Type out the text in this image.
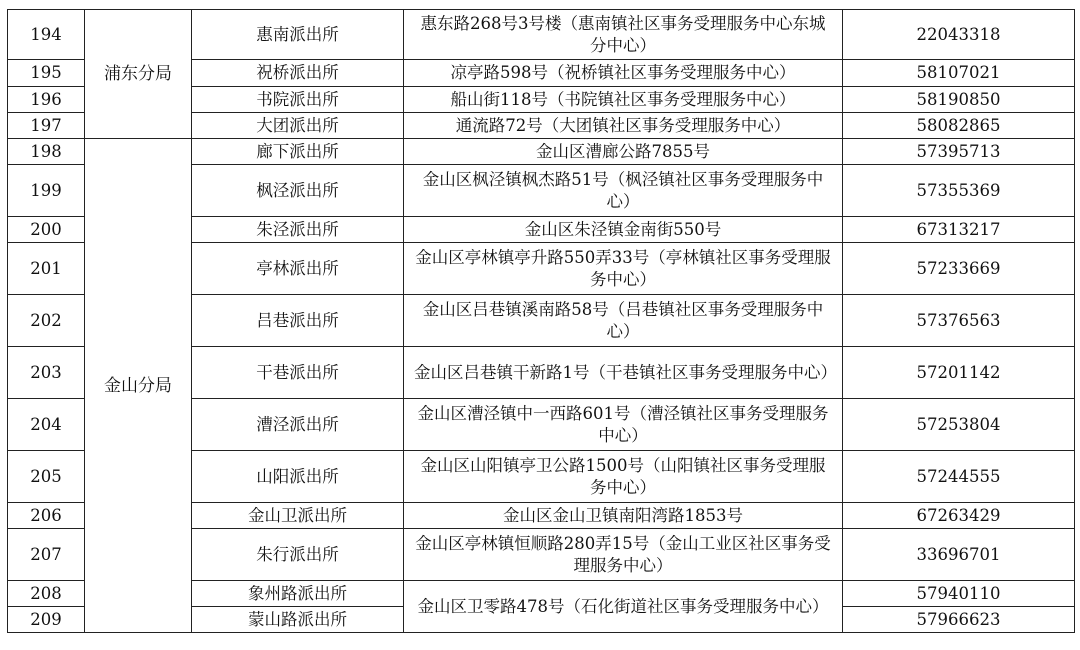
194	浦东分局	惠南派出所	惠东路268号3号楼（惠南镇社区事务受理服务中心东城分中心）	22043318
195		祝桥派出所	凉亭路598号（祝桥镇社区事务受理服务中心）	58107021
196		书院派出所	船山街118号（书院镇社区事务受理服务中心）	58190850
197		大团派出所	通流路72号（大团镇社区事务受理服务中心）	58082865
198	金山分局	廊下派出所	金山区漕廊公路7855号	57395713
199		枫泾派出所	金山区枫泾镇枫杰路51号（枫泾镇社区事务受理服务中心）	57355369
200		朱泾派出所	金山区朱泾镇金南街550号	67313217
201		亭林派出所	金山区亭林镇亭升路550弄33号（亭林镇社区事务受理服务中心）	57233669
202		吕巷派出所	金山区吕巷镇溪南路58号（吕巷镇社区事务受理服务中心）	57376563
203		干巷派出所	金山区吕巷镇干新路1号（干巷镇社区事务受理服务中心）	57201142
204		漕泾派出所	金山区漕泾镇中一西路601号（漕泾镇社区事务受理服务中心）	57253804
205		山阳派出所	金山区山阳镇亭卫公路1500号（山阳镇社区事务受理服务中心）	57244555
206		金山卫派出所	金山区金山卫镇南阳湾路1853号	67263429
207		朱行派出所	金山区亭林镇恒顺路280弄15号（金山工业区社区事务受理服务中心）	33696701
208		象州路派出所	金山区卫零路478号（石化街道社区事务受理服务中心）	57940110
209		蒙山路派出所		57966623
